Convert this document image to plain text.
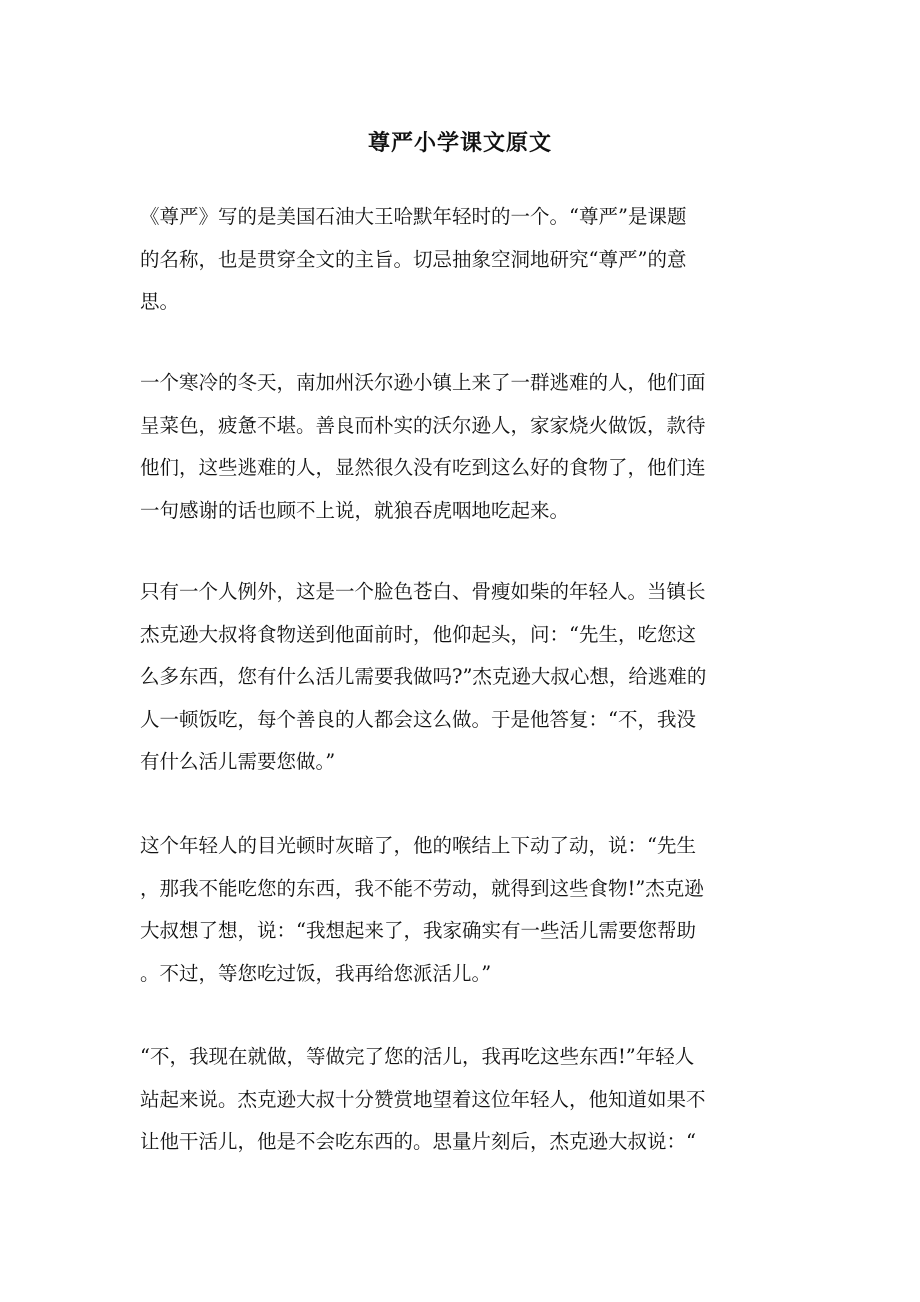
尊严小学课文原文

《尊严》写的是美国石油大王哈默年轻时的一个。“尊严”是课题
的名称，也是贯穿全文的主旨。切忌抽象空洞地研究“尊严”的意
思。

一个寒冷的冬天，南加州沃尔逊小镇上来了一群逃难的人，他们面
呈菜色，疲惫不堪。善良而朴实的沃尔逊人，家家烧火做饭，款待
他们，这些逃难的人，显然很久没有吃到这么好的食物了，他们连
一句感谢的话也顾不上说，就狼吞虎咽地吃起来。

只有一个人例外，这是一个脸色苍白、骨瘦如柴的年轻人。当镇长
杰克逊大叔将食物送到他面前时，他仰起头，问：“先生，吃您这
么多东西，您有什么活儿需要我做吗?”杰克逊大叔心想，给逃难的
人一顿饭吃，每个善良的人都会这么做。于是他答复：“不，我没
有什么活儿需要您做。”

这个年轻人的目光顿时灰暗了，他的喉结上下动了动，说：“先生
，那我不能吃您的东西，我不能不劳动，就得到这些食物!”杰克逊
大叔想了想，说：“我想起来了，我家确实有一些活儿需要您帮助
。不过，等您吃过饭，我再给您派活儿。”

“不，我现在就做，等做完了您的活儿，我再吃这些东西!”年轻人
站起来说。杰克逊大叔十分赞赏地望着这位年轻人，他知道如果不
让他干活儿，他是不会吃东西的。思量片刻后，杰克逊大叔说：“
